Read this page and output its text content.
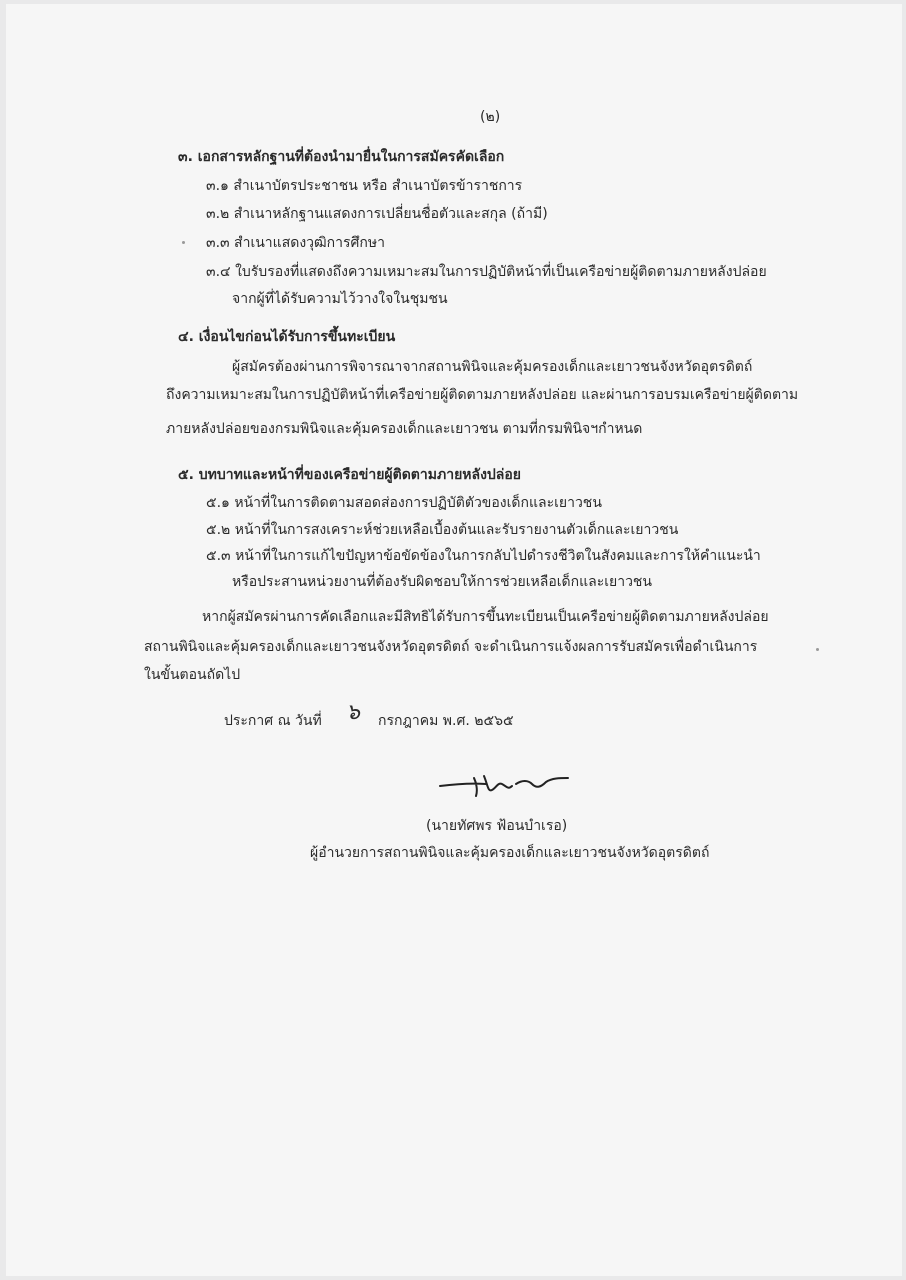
(๒)
๓. เอกสารหลักฐานที่ต้องนำมายื่นในการสมัครคัดเลือก
๓.๑ สำเนาบัตรประชาชน หรือ สำเนาบัตรข้าราชการ
๓.๒ สำเนาหลักฐานแสดงการเปลี่ยนชื่อตัวและสกุล (ถ้ามี)
๓.๓ สำเนาแสดงวุฒิการศึกษา
๓.๔ ใบรับรองที่แสดงถึงความเหมาะสมในการปฏิบัติหน้าที่เป็นเครือข่ายผู้ติดตามภายหลังปล่อย
จากผู้ที่ได้รับความไว้วางใจในชุมชน
๔. เงื่อนไขก่อนได้รับการขึ้นทะเบียน
ผู้สมัครต้องผ่านการพิจารณาจากสถานพินิจและคุ้มครองเด็กและเยาวชนจังหวัดอุตรดิตถ์
ถึงความเหมาะสมในการปฏิบัติหน้าที่เครือข่ายผู้ติดตามภายหลังปล่อย และผ่านการอบรมเครือข่ายผู้ติดตาม
ภายหลังปล่อยของกรมพินิจและคุ้มครองเด็กและเยาวชน ตามที่กรมพินิจฯกำหนด
๕. บทบาทและหน้าที่ของเครือข่ายผู้ติดตามภายหลังปล่อย
๕.๑ หน้าที่ในการติดตามสอดส่องการปฏิบัติตัวของเด็กและเยาวชน
๕.๒ หน้าที่ในการสงเคราะห์ช่วยเหลือเบื้องต้นและรับรายงานตัวเด็กและเยาวชน
๕.๓ หน้าที่ในการแก้ไขปัญหาข้อขัดข้องในการกลับไปดำรงชีวิตในสังคมและการให้คำแนะนำ
หรือประสานหน่วยงานที่ต้องรับผิดชอบให้การช่วยเหลือเด็กและเยาวชน
หากผู้สมัครผ่านการคัดเลือกและมีสิทธิได้รับการขึ้นทะเบียนเป็นเครือข่ายผู้ติดตามภายหลังปล่อย
สถานพินิจและคุ้มครองเด็กและเยาวชนจังหวัดอุตรดิตถ์ จะดำเนินการแจ้งผลการรับสมัครเพื่อดำเนินการ
ในขั้นตอนถัดไป
ประกาศ ณ วันที่ ๖ กรกฎาคม พ.ศ. ๒๕๖๕
(นายทัศพร ฟ้อนบำเรอ)
ผู้อำนวยการสถานพินิจและคุ้มครองเด็กและเยาวชนจังหวัดอุตรดิตถ์
